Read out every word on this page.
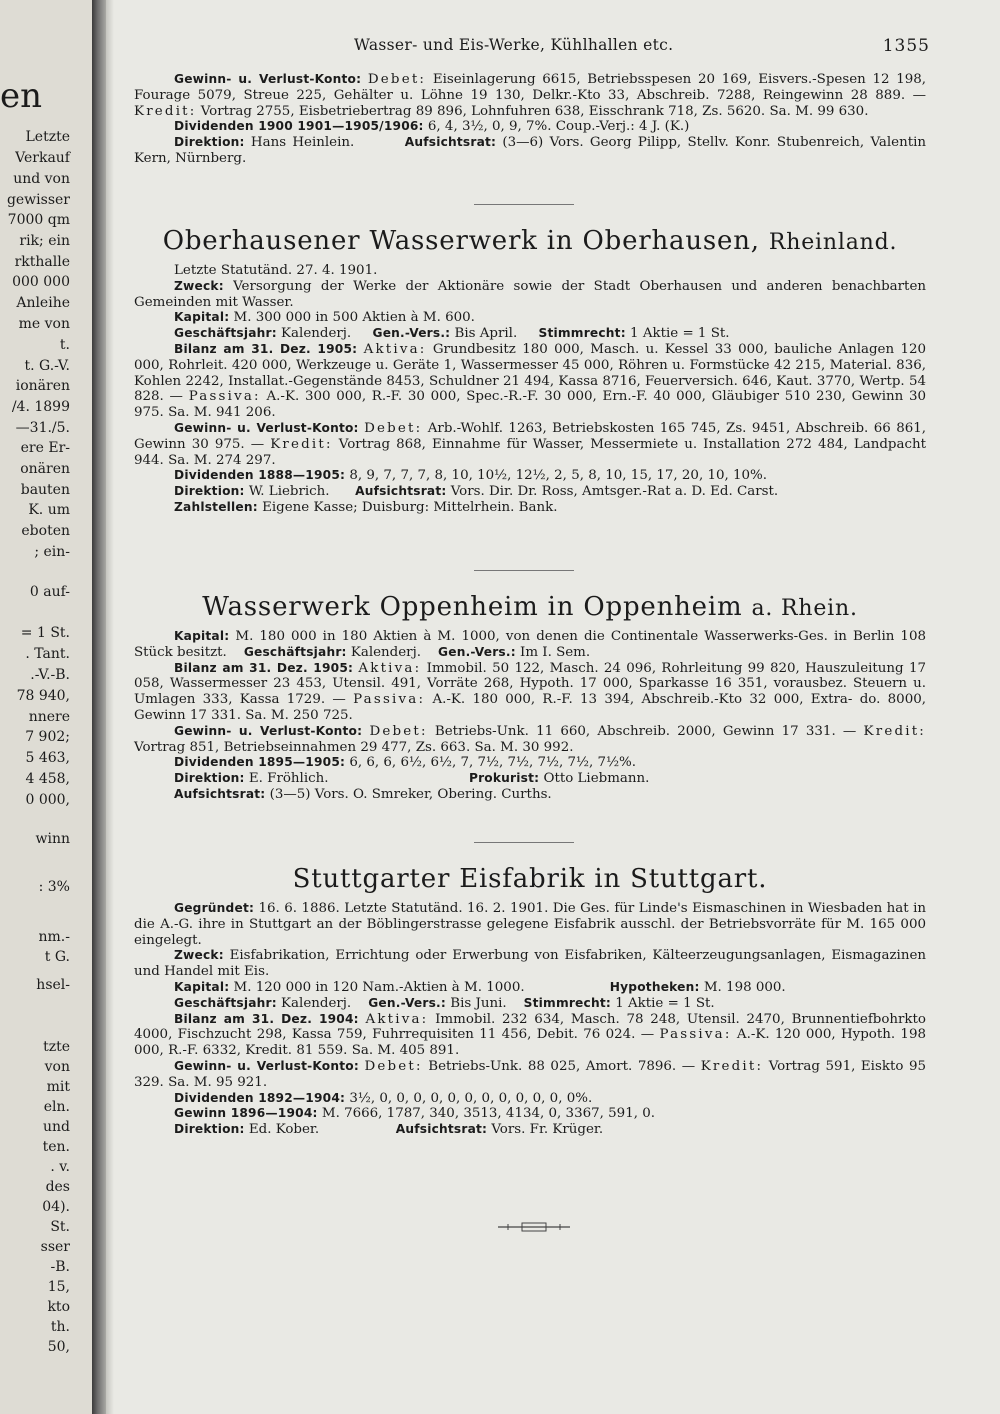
en
Letzte
Verkauf
und von
gewisser
7000 qm
rik; ein
rkthalle
000 000
Anleihe
me von
t.
t. G.-V.
ionären
/4. 1899
—31./5.
ere Er-
onären
bauten
K. um
eboten
; ein-
0 auf-
= 1 St.
. Tant.
.-V.-B.
78 940,
nnere
7 902;
5 463,
4 458,
0 000,
winn
: 3%
nm.-
t G.
hsel-
tzte
von
mit
eln.
und
ten.
. v.
des
04).
St.
sser
-B.
15,
kto
th.
50,
Wasser- und Eis-Werke, Kühlhallen etc.	1355

Gewinn- u. Verlust-Konto: Debet: Eiseinlagerung 6615, Betriebsspesen 20 169, Eisvers.-Spesen 12 198, Fourage 5079, Streue 225, Gehälter u. Löhne 19 130, Delkr.-Kto 33, Abschreib. 7288, Reingewinn 28 889. — Kredit: Vortrag 2755, Eisbetriebertrag 89 896, Lohnfuhren 638, Eisschrank 718, Zs. 5620. Sa. M. 99 630.

Dividenden 1900 1901—1905/1906: 6, 4, 3½, 0, 9, 7%. Coup.-Verj.: 4 J. (K.)

Direktion: Hans Heinlein.	Aufsichtsrat: (3—6) Vors. Georg Pilipp, Stellv. Konr. Stubenreich, Valentin Kern, Nürnberg.

Oberhausener Wasserwerk in Oberhausen, Rheinland.

Letzte Statutänd. 27. 4. 1901.

Zweck: Versorgung der Werke der Aktionäre sowie der Stadt Oberhausen und anderen benachbarten Gemeinden mit Wasser.

Kapital: M. 300 000 in 500 Aktien à M. 600.

Geschäftsjahr: Kalenderj. Gen.-Vers.: Bis April. Stimmrecht: 1 Aktie = 1 St.

Bilanz am 31. Dez. 1905: Aktiva: Grundbesitz 180 000, Masch. u. Kessel 33 000, bauliche Anlagen 120 000, Rohrleit. 420 000, Werkzeuge u. Geräte 1, Wassermesser 45 000, Röhren u. Formstücke 42 215, Material. 836, Kohlen 2242, Installat.-Gegenstände 8453, Schuldner 21 494, Kassa 8716, Feuerversich. 646, Kaut. 3770, Wertp. 54 828. — Passiva: A.-K. 300 000, R.-F. 30 000, Spec.-R.-F. 30 000, Ern.-F. 40 000, Gläubiger 510 230, Gewinn 30 975. Sa. M. 941 206.

Gewinn- u. Verlust-Konto: Debet: Arb.-Wohlf. 1263, Betriebskosten 165 745, Zs. 9451, Abschreib. 66 861, Gewinn 30 975. — Kredit: Vortrag 868, Einnahme für Wasser, Messermiete u. Installation 272 484, Landpacht 944. Sa. M. 274 297.

Dividenden 1888—1905: 8, 9, 7, 7, 7, 8, 10, 10½, 12½, 2, 5, 8, 10, 15, 17, 20, 10, 10%.

Direktion: W. Liebrich. Aufsichtsrat: Vors. Dir. Dr. Ross, Amtsger.-Rat a. D. Ed. Carst.

Zahlstellen: Eigene Kasse; Duisburg: Mittelrhein. Bank.

Wasserwerk Oppenheim in Oppenheim a. Rhein.

Kapital: M. 180 000 in 180 Aktien à M. 1000, von denen die Continentale Wasserwerks-Ges. in Berlin 108 Stück besitzt. Geschäftsjahr: Kalenderj. Gen.-Vers.: Im I. Sem.

Bilanz am 31. Dez. 1905: Aktiva: Immobil. 50 122, Masch. 24 096, Rohrleitung 99 820, Hauszuleitung 17 058, Wassermesser 23 453, Utensil. 491, Vorräte 268, Hypoth. 17 000, Sparkasse 16 351, vorausbez. Steuern u. Umlagen 333, Kassa 1729. — Passiva: A.-K. 180 000, R.-F. 13 394, Abschreib.-Kto 32 000, Extra- do. 8000, Gewinn 17 331. Sa. M. 250 725.

Gewinn- u. Verlust-Konto: Debet: Betriebs-Unk. 11 660, Abschreib. 2000, Gewinn 17 331. — Kredit: Vortrag 851, Betriebseinnahmen 29 477, Zs. 663. Sa. M. 30 992.

Dividenden 1895—1905: 6, 6, 6, 6½, 6½, 7, 7½, 7½, 7½, 7½, 7½%.

Direktion: E. Fröhlich.	Prokurist: Otto Liebmann.

Aufsichtsrat: (3—5) Vors. O. Smreker, Obering. Curths.

Stuttgarter Eisfabrik in Stuttgart.

Gegründet: 16. 6. 1886. Letzte Statutänd. 16. 2. 1901. Die Ges. für Linde's Eismaschinen in Wiesbaden hat in die A.-G. ihre in Stuttgart an der Böblingerstrasse gelegene Eisfabrik ausschl. der Betriebsvorräte für M. 165 000 eingelegt.

Zweck: Eisfabrikation, Errichtung oder Erwerbung von Eisfabriken, Kälteerzeugungsanlagen, Eismagazinen und Handel mit Eis.

Kapital: M. 120 000 in 120 Nam.-Aktien à M. 1000.	Hypotheken: M. 198 000.

Geschäftsjahr: Kalenderj. Gen.-Vers.: Bis Juni. Stimmrecht: 1 Aktie = 1 St.

Bilanz am 31. Dez. 1904: Aktiva: Immobil. 232 634, Masch. 78 248, Utensil. 2470, Brunnentiefbohrkto 4000, Fischzucht 298, Kassa 759, Fuhrrequisiten 11 456, Debit. 76 024. — Passiva: A.-K. 120 000, Hypoth. 198 000, R.-F. 6332, Kredit. 81 559. Sa. M. 405 891.

Gewinn- u. Verlust-Konto: Debet: Betriebs-Unk. 88 025, Amort. 7896. — Kredit: Vortrag 591, Eiskto 95 329. Sa. M. 95 921.

Dividenden 1892—1904: 3½, 0, 0, 0, 0, 0, 0, 0, 0, 0, 0, 0, 0%.

Gewinn 1896—1904: M. 7666, 1787, 340, 3513, 4134, 0, 3367, 591, 0.

Direktion: Ed. Kober.	Aufsichtsrat: Vors. Fr. Krüger.
